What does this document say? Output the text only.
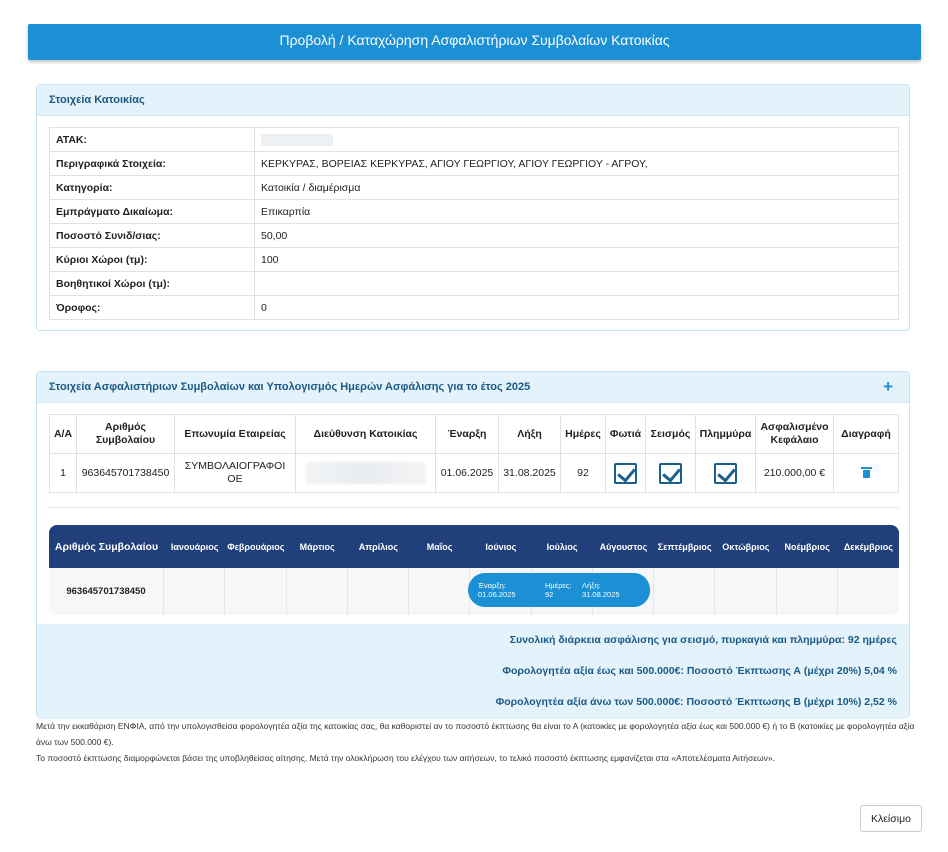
Προβολή / Καταχώρηση Ασφαλιστήριων Συμβολαίων Κατοικίας
Στοιχεία Κατοικίας
ΑΤΑΚ:	
Περιγραφικά Στοιχεία:	ΚΕΡΚΥΡΑΣ, ΒΟΡΕΙΑΣ ΚΕΡΚΥΡΑΣ, ΑΓΙΟΥ ΓΕΩΡΓΙΟΥ, ΑΓΙΟΥ ΓΕΩΡΓΙΟΥ - ΑΓΡΟΥ,
Κατηγορία:	Κατοικία / διαμέρισμα
Εμπράγματο Δικαίωμα:	Επικαρπία
Ποσοστό Συνιδ/σιας:	50,00
Κύριοι Χώροι (τμ):	100
Βοηθητικοί Χώροι (τμ):	
Όροφος:	0
Στοιχεία Ασφαλιστήριων Συμβολαίων και Υπολογισμός Ημερών Ασφάλισης για το έτος 2025	+
Α/Α	Αριθμός Συμβολαίου	Επωνυμία Εταιρείας	Διεύθυνση Κατοικίας	Έναρξη	Λήξη	Ημέρες	Φωτιά	Σεισμός	Πλημμύρα	Ασφαλισμένο Κεφάλαιο	Διαγραφή
1	963645701738450	ΣΥΜΒΟΛΑΙΟΓΡΑΦΟΙ ΟΕ		01.06.2025	31.08.2025	92				210.000,00 €	
Αριθμός Συμβολαίου	Ιανουάριος Φεβρουάριος	Μάρτιος	Απρίλιος	Μαΐος	Ιούνιος	Ιούλιος	Αύγουστος	Σεπτέμβριος	Οκτώβριος	Νοέμβριος	Δεκέμβριος
963645701738450
Έναρξη:
01.06.2025
Ημέρες:
92
Λήξη:
31.08.2025

Συνολική διάρκεια ασφάλισης για σεισμό, πυρκαγιά και πλημμύρα: 92 ημέρες

Φορολογητέα αξία έως και 500.000€: Ποσοστό Έκπτωσης Α (μέχρι 20%) 5,04 %

Φορολογητέα αξία άνω των 500.000€: Ποσοστό Έκπτωσης Β (μέχρι 10%) 2,52 %

Μετά την εκκαθάριση ΕΝΦΙΑ, από την υπολογισθείσα φορολογητέα αξία της κατοικίας σας, θα καθοριστεί αν το ποσοστό έκπτωσης θα είναι το Α (κατοικίες με φορολογητέα αξία έως και 500.000 €) ή το Β (κατοικίες με φορολογητέα αξία άνω των 500.000 €).

Το ποσοστό έκπτωσης διαμορφώνεται βάσει της υποβληθείσας αίτησης. Μετά την ολοκλήρωση του ελέγχου των αιτήσεων, το τελικό ποσοστό έκπτωσης εμφανίζεται στα «Αποτελέσματα Αιτήσεων».

Κλείσιμο
